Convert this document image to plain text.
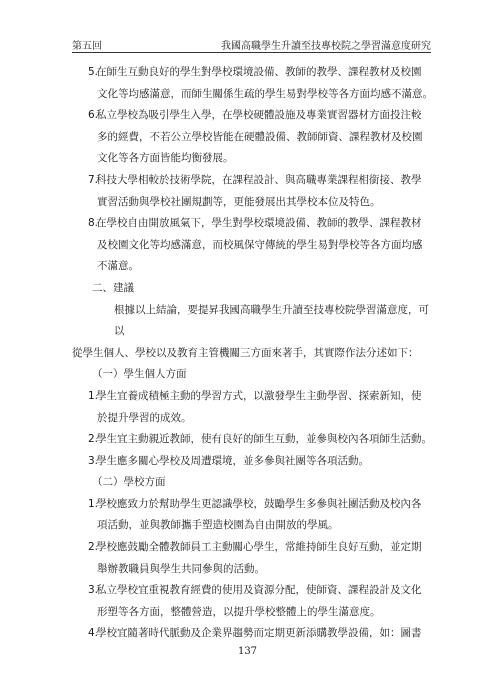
第五回	我國高職學生升讀至技專校院之學習滿意度研究
5.
在師生互動良好的學生對學校環境設備、教師的教學、課程教材及校園
文化等均感滿意，而師生關係生疏的學生易對學校等各方面均感不滿意。
6.
私立學校為吸引學生入學，在學校硬體設施及專業實習器材方面投注較
多的經費，不若公立學校皆能在硬體設備、教師師資、課程教材及校園
文化等各方面皆能均衡發展。
7.
科技大學相較於技術學院，在課程設計、與高職專業課程相銜接、教學
實習活動與學校社團規劃等，更能發展出其學校本位及特色。
8.
在學校自由開放風氣下，學生對學校環境設備、教師的教學、課程教材
及校園文化等均感滿意，而校風保守傳統的學生易對學校等各方面均感
不滿意。
二、建議
根據以上結論，要提昇我國高職學生升讀至技專校院學習滿意度，可以
從學生個人、學校以及教育主管機關三方面來著手，其實際作法分述如下：
（一）學生個人方面
1.
學生宜養成積極主動的學習方式，以激發學生主動學習、探索新知，使
於提升學習的成效。
2.
學生宜主動親近教師，使有良好的師生互動，並參與校內各項師生活動。
3.
學生應多關心學校及周遭環境，並多參與社團等各項活動。
（二）學校方面
1.
學校應致力於幫助學生更認識學校，鼓勵學生多參與社團活動及校內各
項活動，並與教師攜手塑造校園為自由開放的學風。
2.
學校應鼓勵全體教師員工主動關心學生，常維持師生良好互動，並定期
舉辦教職員與學生共同參與的活動。
3.
私立學校宜重視教育經費的使用及資源分配，使師資、課程設計及文化
形塑等各方面，整體營造，以提升學校整體上的學生滿意度。
4.
學校宜隨著時代脈動及企業界趨勢而定期更新添購教學設備，如：圖書
137
